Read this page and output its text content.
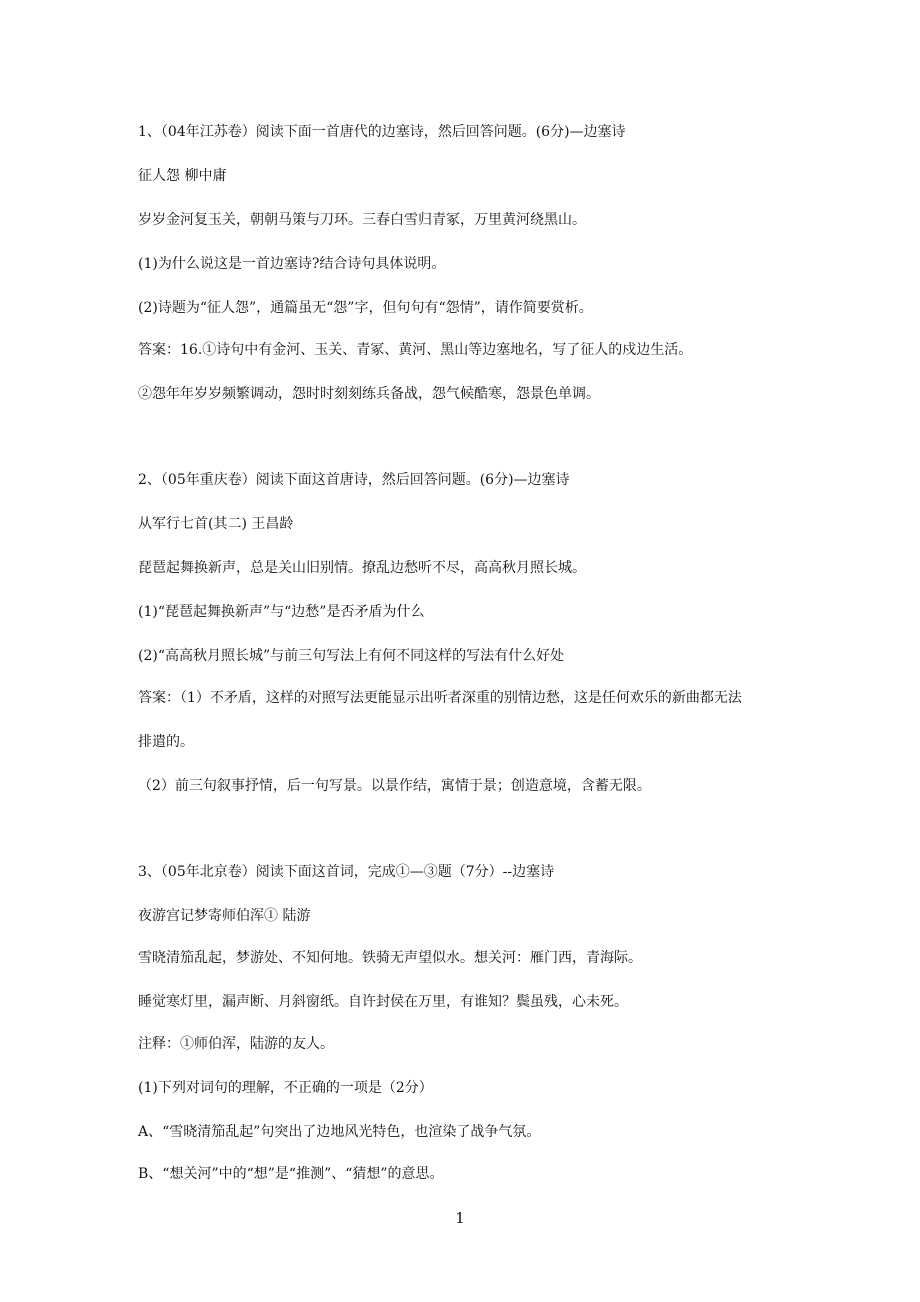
1、（04年江苏卷）阅读下面一首唐代的边塞诗，然后回答问题。(6分)—边塞诗
征人怨 柳中庸
岁岁金河复玉关，朝朝马策与刀环。三春白雪归青冢，万里黄河绕黑山。
(1)为什么说这是一首边塞诗?结合诗句具体说明。
(2)诗题为“征人怨”，通篇虽无“怨”字，但句句有“怨情”，请作简要赏析。
答案：16.①诗句中有金河、玉关、青冢、黄河、黑山等边塞地名，写了征人的戍边生活。
②怨年年岁岁频繁调动，怨时时刻刻练兵备战，怨气候酷寒，怨景色单调。
2、（05年重庆卷）阅读下面这首唐诗，然后回答问题。(6分)—边塞诗
从军行七首(其二) 王昌龄
琵琶起舞换新声，总是关山旧别情。撩乱边愁听不尽，高高秋月照长城。
(1)“琵琶起舞换新声”与“边愁”是否矛盾为什么
(2)“高高秋月照长城”与前三句写法上有何不同这样的写法有什么好处
答案：（1）不矛盾，这样的对照写法更能显示出听者深重的别情边愁，这是任何欢乐的新曲都无法
排遣的。
（2）前三句叙事抒情，后一句写景。以景作结，寓情于景；创造意境，含蓄无限。
3、（05年北京卷）阅读下面这首词，完成①—③题（7分）--边塞诗
夜游宫记梦寄师伯浑① 陆游
雪晓清笳乱起，梦游处、不知何地。铁骑无声望似水。想关河：雁门西，青海际。
睡觉寒灯里，漏声断、月斜窗纸。自许封侯在万里，有谁知？鬓虽残，心未死。
注释：①师伯浑，陆游的友人。
(1)下列对词句的理解，不正确的一项是（2分）
A、“雪晓清笳乱起”句突出了边地风光特色，也渲染了战争气氛。
B、“想关河”中的“想”是“推测”、“猜想”的意思。
1
